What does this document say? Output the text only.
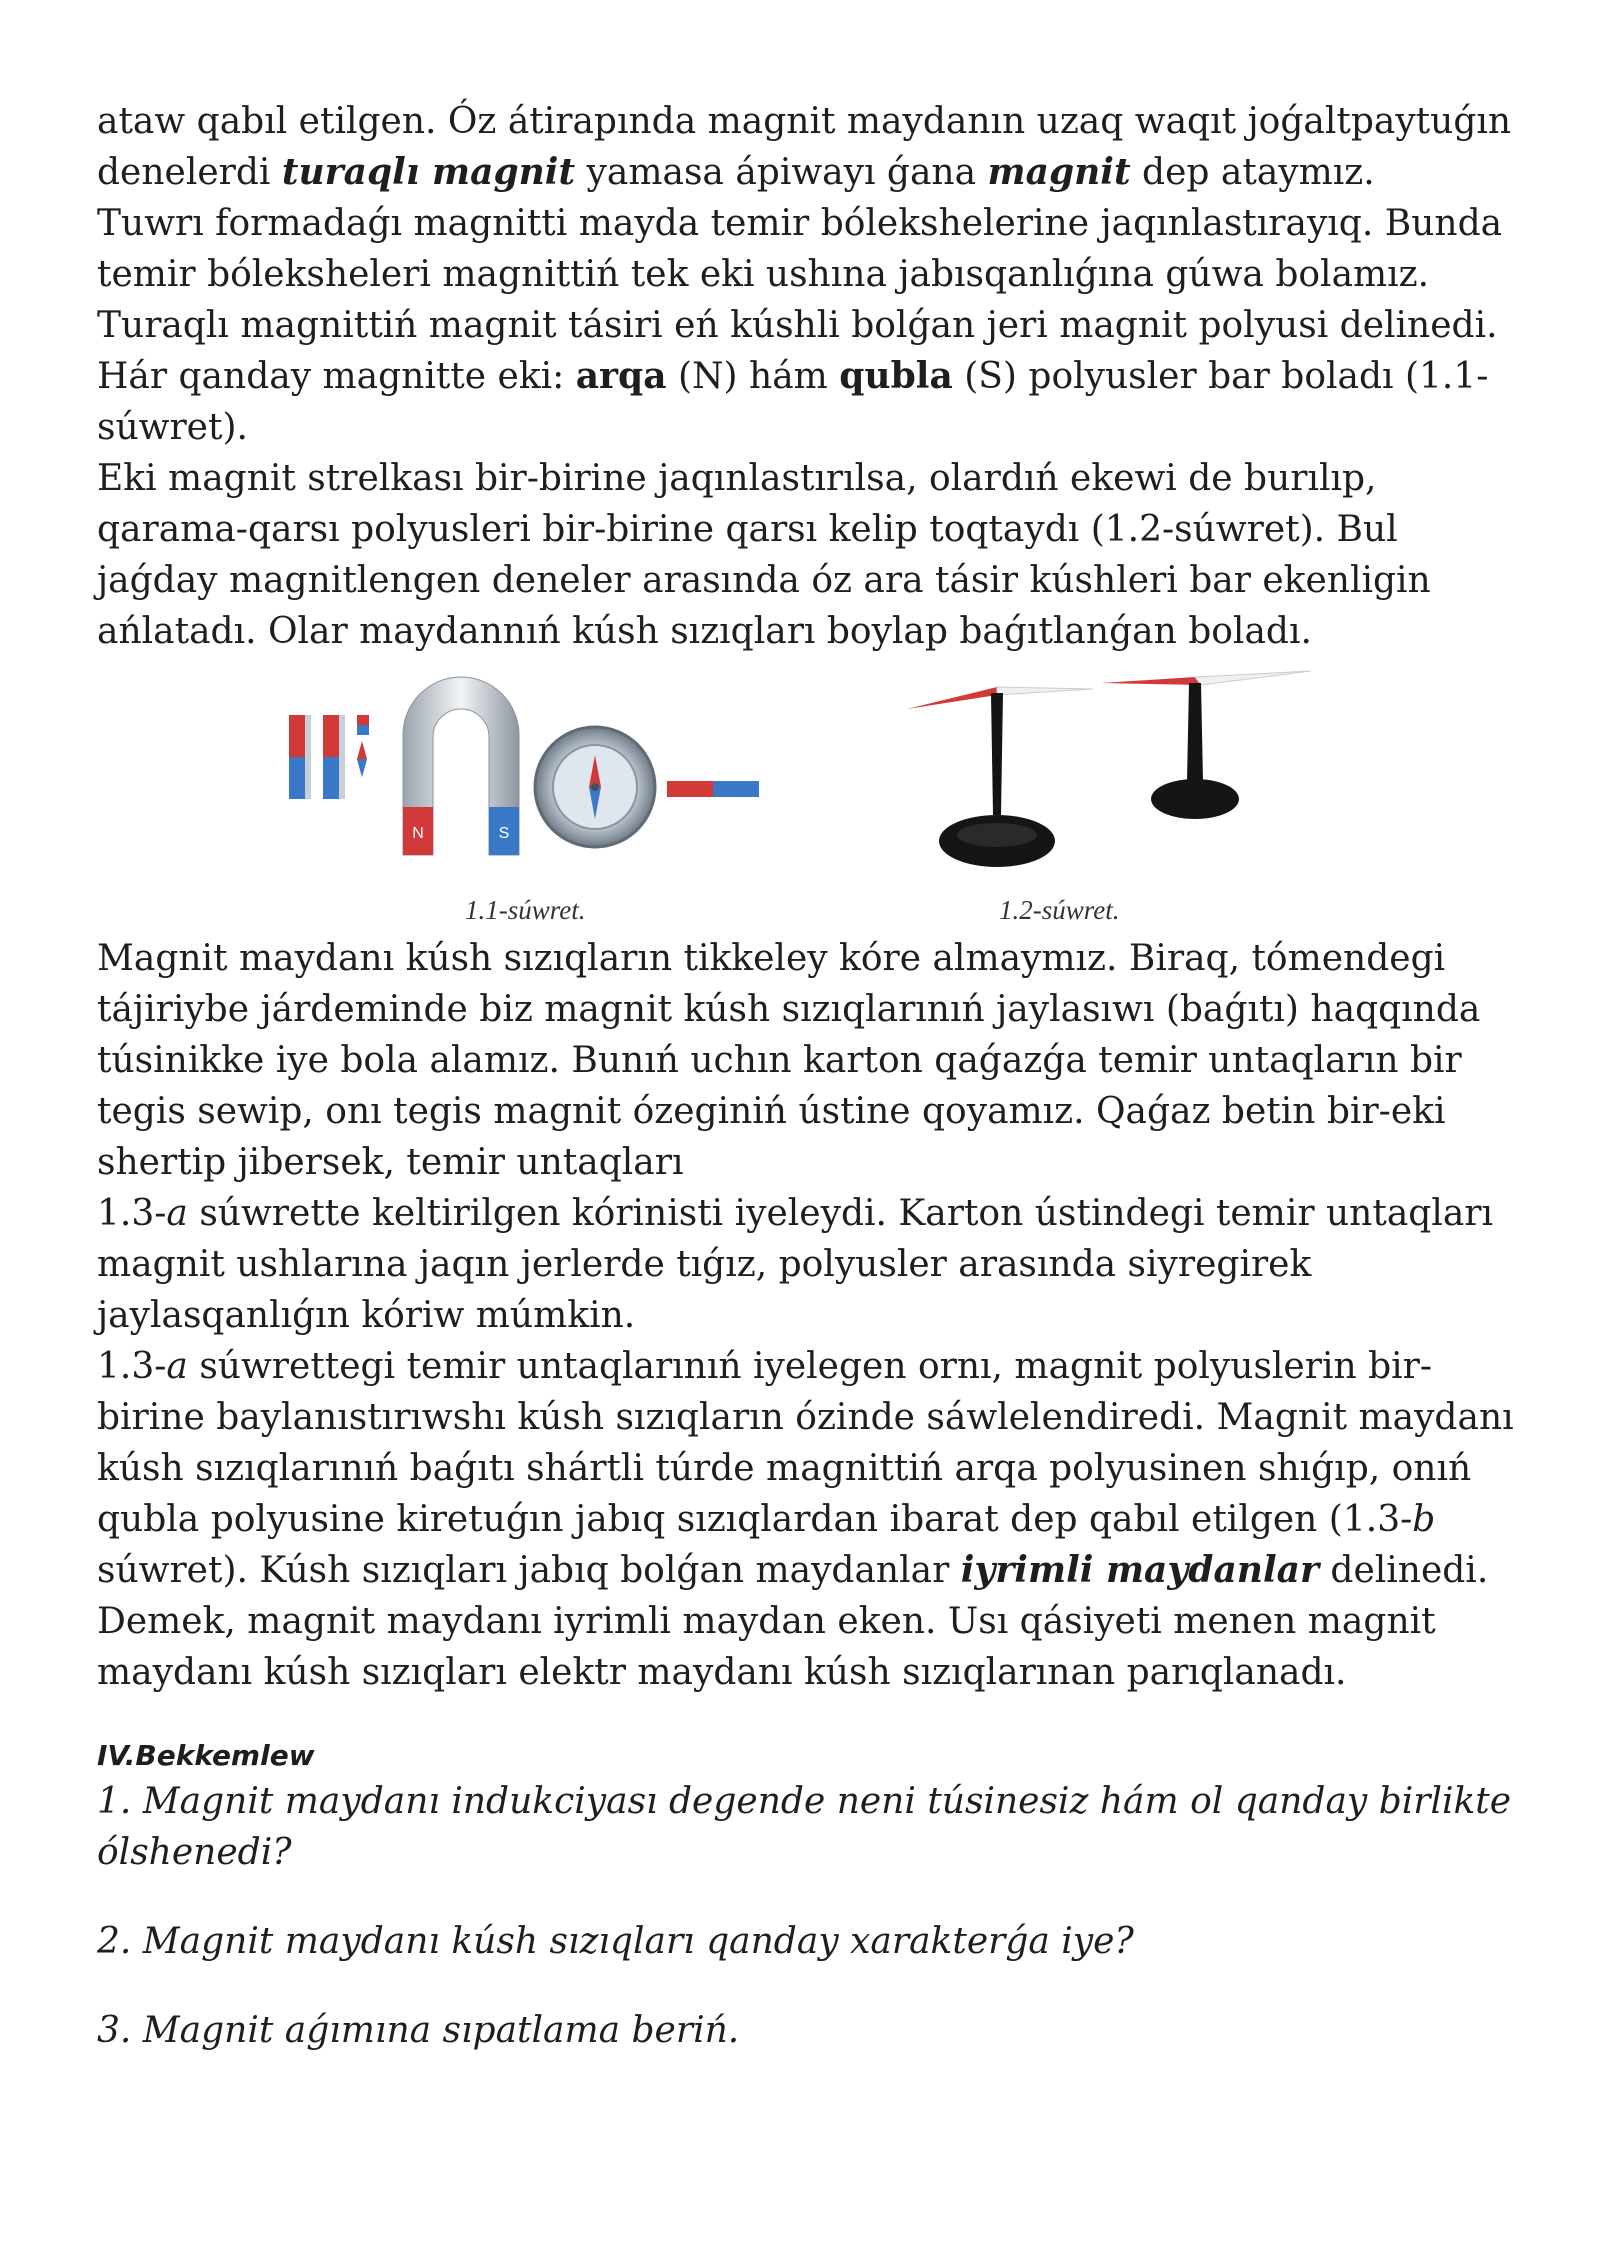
ataw qabıl etilgen. Óz átirapında magnit maydanın uzaq waqıt joǵaltpaytuǵın denelerdi turaqlı magnit yamasa ápiwayı ǵana magnit dep ataymız.

Tuwrı formadaǵı magnitti mayda temir bólekshelerine jaqınlastırayıq. Bunda temir bóleksheleri magnittiń tek eki ushına jabısqanlıǵına gúwa bolamız.

Turaqlı magnittiń magnit tásiri eń kúshli bolǵan jeri magnit polyusi delinedi.

Hár qanday magnitte eki: arqa (N) hám qubla (S) polyusler bar boladı (1.1-súwret).

Eki magnit strelkası bir-birine jaqınlastırılsa, olardıń ekewi de burılıp, qarama-qarsı polyusleri bir-birine qarsı kelip toqtaydı (1.2-súwret). Bul jaǵday magnitlengen deneler arasında óz ara tásir kúshleri bar ekenligin ańlatadı. Olar maydannıń kúsh sızıqları boylap baǵıtlanǵan boladı.

N	S
1.1-súwret.	1.2-súwret.

Magnit maydanı kúsh sızıqların tikkeley kóre almaymız. Biraq, tómendegi tájiriybe járdeminde biz magnit kúsh sızıqlarınıń jaylasıwı (baǵıtı) haqqında túsinikke iye bola alamız. Bunıń uchın karton qaǵazǵa temir untaqların bir tegis sewip, onı tegis magnit ózeginiń ústine qoyamız. Qaǵaz betin bir-eki shertip jibersek, temir untaqları

1.3-a súwrette keltirilgen kórinisti iyeleydi. Karton ústindegi temir untaqları magnit ushlarına jaqın jerlerde tıǵız, polyusler arasında siyregirek jaylasqanlıǵın kóriw múmkin.

1.3-a súwrettegi temir untaqlarınıń iyelegen ornı, magnit polyuslerin bir-birine baylanıstırıwshı kúsh sızıqların ózinde sáwlelendiredi. Magnit maydanı kúsh sızıqlarınıń baǵıtı shártli túrde magnittiń arqa polyusinen shıǵıp, onıń qubla polyusine kiretuǵın jabıq sızıqlardan ibarat dep qabıl etilgen (1.3-b súwret). Kúsh sızıqları jabıq bolǵan maydanlar iyrimli maydanlar delinedi. Demek, magnit maydanı iyrimli maydan eken. Usı qásiyeti menen magnit maydanı kúsh sızıqları elektr maydanı kúsh sızıqlarınan parıqlanadı.

IV.Bekkemlew

1. Magnit maydanı indukciyası degende neni túsinesiz hám ol qanday birlikte ólshenedi?

2. Magnit maydanı kúsh sızıqları qanday xarakterǵa iye?

3. Magnit aǵımına sıpatlama beriń.
